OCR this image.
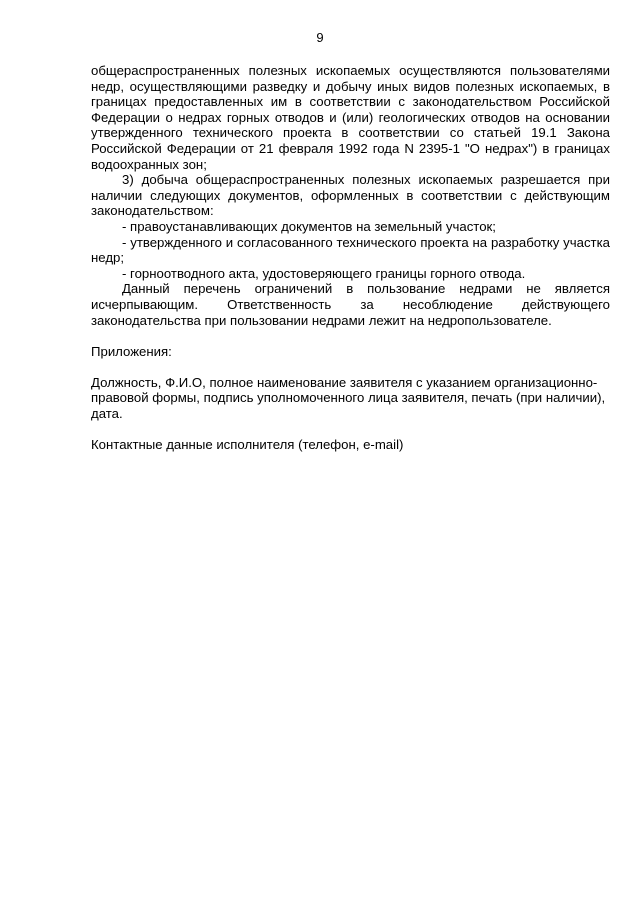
9

общераспространенных полезных ископаемых осуществляются пользователями недр, осуществляющими разведку и добычу иных видов полезных ископаемых, в границах предоставленных им в соответствии с законодательством Российской Федерации о недрах горных отводов и (или) геологических отводов на основании утвержденного технического проекта в соответствии со статьей 19.1 Закона Российской Федерации от 21 февраля 1992 года N 2395-1 "О недрах") в границах водоохранных зон;

3) добыча общераспространенных полезных ископаемых разрешается при наличии следующих документов, оформленных в соответствии с действующим законодательством:

- правоустанавливающих документов на земельный участок;

- утвержденного и согласованного технического проекта на разработку участка недр;

- горноотводного акта, удостоверяющего границы горного отвода.

Данный перечень ограничений в пользование недрами не является исчерпывающим. Ответственность за несоблюдение действующего законодательства при пользовании недрами лежит на недропользователе.

Приложения:

Должность, Ф.И.О, полное наименование заявителя с указанием организационно-правовой формы, подпись уполномоченного лица заявителя, печать (при наличии), дата.

Контактные данные исполнителя (телефон, e-mail)
